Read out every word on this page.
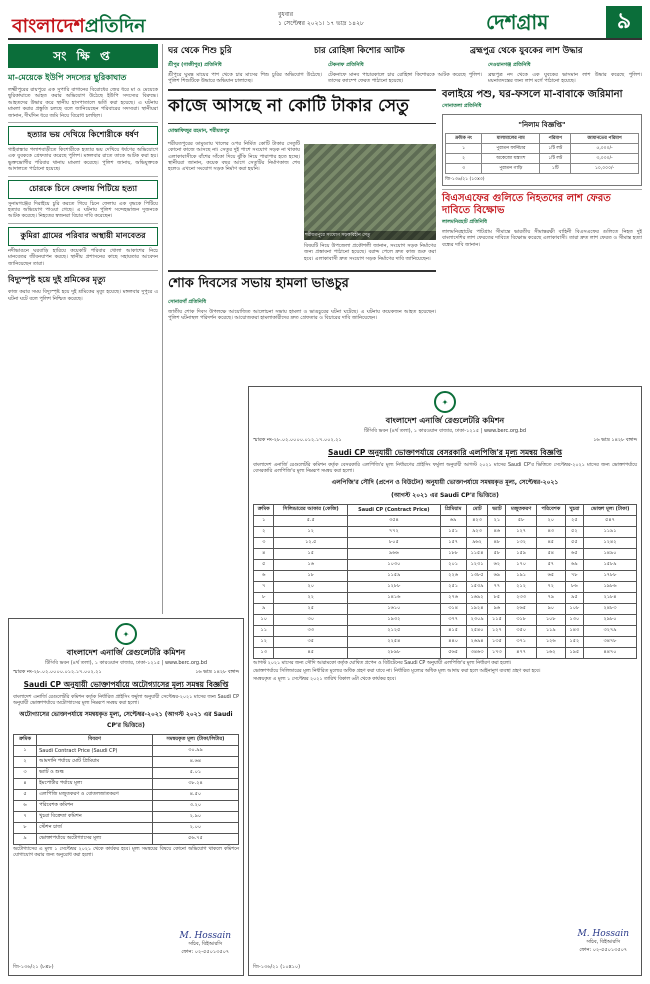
বাংলাদেশপ্রতিদিন
বুধবার
১ সেপ্টেম্বর ২০২১। ১৭ ভাদ্র ১৪২৮	দেশগ্রাম	৯
সং ক্ষি প্ত
মা-মেয়েকে ইউপি সদস্যের ছুরিকাঘাত
লক্ষ্মীপুরের রায়পুরে এক সুপারি বাগানের বিরোধের জের ধরে মা ও মেয়েকে ছুরিকাঘাতে আহত করার অভিযোগ উঠেছে ইউপি সদস্যের বিরুদ্ধে। আহতদের উদ্ধার করে স্থানীয় হাসপাতালে ভর্তি করা হয়েছে। এ ঘটনায় মামলা করার প্রস্তুতি চলছে বলে জানিয়েছেন পরিবারের সদস্যরা। স্থানীয়রা জানান, দীর্ঘদিন ধরে জমি নিয়ে বিরোধ চলছিল।
হত্যার ভয় দেখিয়ে কিশোরীকে ধর্ষণ
গাইবান্ধার পলাশবাড়ীতে কিশোরীকে হত্যার ভয় দেখিয়ে ধর্ষণের অভিযোগে এক যুবককে গ্রেফতার করেছে পুলিশ। মঙ্গলবার রাতে তাকে আটক করা হয়। ভুক্তভোগীর পরিবার থানায় মামলা করেছে। পুলিশ জানায়, অভিযুক্তকে আদালতে পাঠানো হয়েছে।
চোরকে চিনে ফেলায় পিটিয়ে হত্যা
সুনামগঞ্জের দিরাইয়ে চুরি করতে গিয়ে চিনে ফেলায় এক বৃদ্ধকে পিটিয়ে হত্যার অভিযোগ পাওয়া গেছে। এ ঘটনায় পুলিশ সন্দেহভাজন দুজনকে আটক করেছে। নিহতের স্বজনরা বিচার দাবি করেছেন।
কুমিরা গ্রামের পরিবার অস্থায়ী মানবেতর
নদীভাঙনে ঘরবাড়ি হারিয়ে কয়েকটি পরিবার খোলা আকাশের নিচে মানবেতর জীবনযাপন করছে। স্থানীয় প্রশাসনের কাছে সহায়তার আবেদন জানিয়েছেন তারা।
বিদ্যুস্পৃষ্ট হয়ে দুই শ্রমিকের মৃত্যু
কাজ করার সময় বিদ্যুস্পৃষ্ট হয়ে দুই শ্রমিকের মৃত্যু হয়েছে। মঙ্গলবার দুপুরে এ ঘটনা ঘটে বলে পুলিশ নিশ্চিত করেছে।
ঘর থেকে শিশু চুরি	চার রোহিঙ্গা কিশোর আটক	ব্রহ্মপুত্র থেকে যুবকের লাশ উদ্ধার
শ্রীপুর (গাজীপুর) প্রতিনিধি
শ্রীপুরে ঘুমন্ত মায়ের পাশ থেকে চার মাসের শিশু চুরির অভিযোগ উঠেছে। পুলিশ শিশুটিকে উদ্ধারে অভিযান চালাচ্ছে।
টেকনাফ প্রতিনিধি
টেকনাফে মানব পাচারকালে চার রোহিঙ্গা কিশোরকে আটক করেছে পুলিশ। তাদের ক্যাম্পে ফেরত পাঠানো হয়েছে।
দেওয়ানগঞ্জ প্রতিনিধি
ব্রহ্মপুত্র নদ থেকে এক যুবকের ভাসমান লাশ উদ্ধার করেছে পুলিশ। ময়নাতদন্তের জন্য লাশ মর্গে পাঠানো হয়েছে।
কাজে আসছে না কোটি টাকার সেতু
মোস্তাফিজুর রহমান, শরীয়তপুর
শরীয়তপুরের ডামুড্যায় খালের ওপর নির্মিত কোটি টাকার সেতুটি কোনো কাজে আসছে না। সেতুর দুই পাশে সংযোগ সড়ক না থাকায় এলাকাবাসীকে বাঁশের সাঁকো দিয়ে ঝুঁকি নিয়ে পারাপার হতে হচ্ছে। স্থানীয়রা জানান, কয়েক বছর আগে সেতুটির নির্মাণকাজ শেষ হলেও এখনো সংযোগ সড়ক নির্মাণ করা হয়নি।
শরীয়তপুরে সংযোগ সড়কবিহীন সেতু
বিষয়টি নিয়ে উপজেলা প্রকৌশলী জানান, সংযোগ সড়ক নির্মাণের জন্য প্রস্তাবনা পাঠানো হয়েছে। বরাদ্দ পেলে দ্রুত কাজ শুরু করা হবে। এলাকাবাসী দ্রুত সংযোগ সড়ক নির্মাণের দাবি জানিয়েছেন।
শোক দিবসের সভায় হামলা ভাঙচুর
সোনারগাঁ প্রতিনিধি
জাতীয় শোক দিবস উপলক্ষে আয়োজিত আলোচনা সভায় হামলা ও ভাঙচুরের ঘটনা ঘটেছে। এ ঘটনায় কয়েকজন আহত হয়েছেন। পুলিশ ঘটনাস্থল পরিদর্শন করেছে। আয়োজকরা হামলাকারীদের দ্রুত গ্রেফতার ও বিচারের দাবি জানিয়েছেন।
বলাইয়ে পশু, ঘর-ফসলে মা-বাবাকে জরিমানা
সোনাতলা প্রতিনিধি
"নিলাম বিজ্ঞপ্তি"
ক্রমিক নং	মালামালের নাম	পরিমাণ	জামানতের পরিমাণ
১	পুরাতন ফার্নিচার	১টি লট	৫,০০০/-
২	অকেজো যন্ত্রাংশ	১টি লট	৩,০০০/-
৩	পুরাতন গাড়ি	১টি	১০,০০০/-
জি-১৩৬/২১ (১০x৩)
বিএসএফের গুলিতে নিহতদের লাশ ফেরত দাবিতে বিক্ষোভ
লালমনিরহাট প্রতিনিধি
লালমনিরহাটের পাটগ্রাম সীমান্তে ভারতীয় সীমান্তরক্ষী বাহিনী বিএসএফের গুলিতে নিহত দুই বাংলাদেশির লাশ ফেরতের দাবিতে বিক্ষোভ করেছে এলাকাবাসী। তারা দ্রুত লাশ ফেরত ও সীমান্ত হত্যা বন্ধের দাবি জানান।
✦
বাংলাদেশ এনার্জি রেগুলেটরি কমিশন
টিসিবি ভবন (৪র্থ তলা), ১ কারওয়ান বাজার, ঢাকা-১২১৫ | www.berc.org.bd
স্মারক নং-২৮.০২.০০০০.০১২.১৭.০০২.২১	১৬ ভাদ্র ১৪২৮ বঙ্গাব্দ
Saudi CP অনুযায়ী ভোক্তাপর্যায়ে অটোগ্যাসের মূল্য সমন্বয় বিজ্ঞপ্তি
বাংলাদেশ এনার্জি রেগুলেটরি কমিশন কর্তৃক নির্ধারিত প্রাইসিং ফর্মুলা অনুযায়ী সেপ্টেম্বর-২০২১ মাসের জন্য Saudi CP অনুযায়ী ভোক্তাপর্যায়ে অটোগ্যাসের মূল্য নিম্নরূপ সমন্বয় করা হলো।
অটোগ্যাসের ভোক্তাপর্যায়ে সমন্বয়কৃত মূল্য, সেপ্টেম্বর-২০২১ (আগস্ট ২০২১ এর Saudi CP'র ভিত্তিতে)
ক্রমিক	বিবরণ	সমন্বয়কৃত মূল্য (টাকা/লিটার)
১	Saudi Contract Price (Saudi CP)	৩০.৯৯
২	আমদানি পর্যায়ে মোট প্রিমিয়াম	৪.৬৪
৩	ভ্যাট ও শুল্ক	৫.০১
৪	ইমপোর্টার পর্যায়ে মূল্য	৩৮.২৪
৫	এলপিজি মজুতকরণ ও বোতলজাতকরণ	৪.৫০
৬	পরিবেশক কমিশন	৩.২০
৭	খুচরা বিক্রেতা কমিশন	২.৯০
৮	স্টেশন চার্জ	২.০০
৯	ভোক্তাপর্যায়ে অটোগ্যাসের মূল্য	৫৬.৭৫
অটোগ্যাসের এ মূল্য ১ সেপ্টেম্বর ২০২১ থেকে কার্যকর হবে। মূল্য সমন্বয়ের বিষয়ে কোনো অভিযোগ থাকলে কমিশনে যোগাযোগ করার জন্য অনুরোধ করা হলো।
M. Hossain
সচিব, বিইআরসি
ফোন: ০২-৫৫০১৩৫০৭
জি-১৩৬/২১ (৮x৮)
✦
বাংলাদেশ এনার্জি রেগুলেটরি কমিশন
টিসিবি ভবন (৪র্থ তলা), ১ কারওয়ান বাজার, ঢাকা-১২১৫ | www.berc.org.bd
স্মারক নং-২৮.০২.০০০০.০১২.১৭.০০২.২১	১৬ ভাদ্র ১৪২৮ বঙ্গাব্দ
Saudi CP অনুযায়ী ভোক্তাপর্যায়ে বেসরকারি এলপিজি'র মূল্য সমন্বয় বিজ্ঞপ্তি
বাংলাদেশ এনার্জি রেগুলেটরি কমিশন কর্তৃক বেসরকারি এলপিজি'র মূল্য নির্ধারণের প্রাইসিং ফর্মুলা অনুযায়ী আগস্ট ২০২১ মাসের Saudi CP'র ভিত্তিতে সেপ্টেম্বর-২০২১ মাসের জন্য ভোক্তাপর্যায়ে বেসরকারি এলপিজি'র মূল্য নিম্নরূপ সমন্বয় করা হলো।
এলপিজি'র সৌদি (প্রপেন ও বিউটেন) অনুযায়ী ভোক্তাপর্যায়ে সমন্বয়কৃত মূল্য, সেপ্টেম্বর-২০২১
(আগস্ট ২০২১ এর Saudi CP'র ভিত্তিতে)
ক্রমিক	সিলিন্ডারের আকার (কেজি)	Saudi CP (Contract Price)	প্রিমিয়াম	মোট	ভ্যাট	মজুতকরণ	পরিবেশক	খুচরা	ভোক্তা মূল্য (টাকা)
১	৫.৫	৩৫৪	৬৯	৪২৩	২১	৫৮	২০	২৫	৫৪৭
২	১২	৭৭২	১৫১	৯২৩	৪৬	১২৭	৪৩	৫২	১১৯১
৩	১২.৫	৮০৫	১৫৭	৯৬২	৪৮	১৩২	৪৫	৫৫	১২৪২
৪	১৫	৯৬৬	১৮৮	১১৫৪	৫৮	১৫৯	৫৪	৬৫	১৪৯০
৫	১৬	১০৩০	২০১	১২৩১	৬২	১৭০	৫৭	৬৯	১৫৮৯
৬	১৮	১১৫৯	২২৬	১৩৮৫	৬৯	১৯১	৬৫	৭৮	১৭৮৮
৭	২০	১২৮৮	২৫১	১৫৩৯	৭৭	২১২	৭২	৮৬	১৯৮৬
৮	২২	১৪১৬	২৭৬	১৬৯২	৮৫	২৩৩	৭৯	৯৫	২১৮৪
৯	২৫	১৬১০	৩১৪	১৯২৪	৯৬	২৬৫	৯০	১০৮	২৪৮৩
১০	৩০	১৯৩২	৩৭৭	২৩০৯	১১৫	৩১৮	১০৮	১৩০	২৯৮০
১১	৩৩	২১২৫	৪১৫	২৫৪০	১২৭	৩৫০	১১৯	১৪৩	৩২৭৯
১২	৩৫	২২৫৪	৪৪০	২৬৯৪	১৩৫	৩৭১	১২৬	১৫২	৩৪৭৮
১৩	৪৫	২৮৯৮	৫৬৫	৩৪৬৩	১৭৩	৪৭৭	১৬২	১৯৫	৪৪৭০
আগস্ট ২০২১ মাসের জন্য সৌদি আরামকো কর্তৃক ঘোষিত প্রপেন ও বিউটেনের Saudi CP অনুযায়ী এলপিজি'র মূল্য নির্ধারণ করা হলো।
ভোক্তাপর্যায়ে সিলিন্ডারের মূল্য নির্ধারিত মূল্যের অধিক গ্রহণ করা যাবে না। নির্ধারিত মূল্যের অধিক মূল্য আদায় করা হলে আইনানুগ ব্যবস্থা গ্রহণ করা হবে।
সমন্বয়কৃত এ মূল্য ১ সেপ্টেম্বর ২০২১ তারিখ বিকাল ৬টা থেকে কার্যকর হবে।
M. Hossain
সচিব, বিইআরসি
ফোন: ০২-৫৫০১৩৫০৭
জি-১৩৬/২১ (১০x১০)
